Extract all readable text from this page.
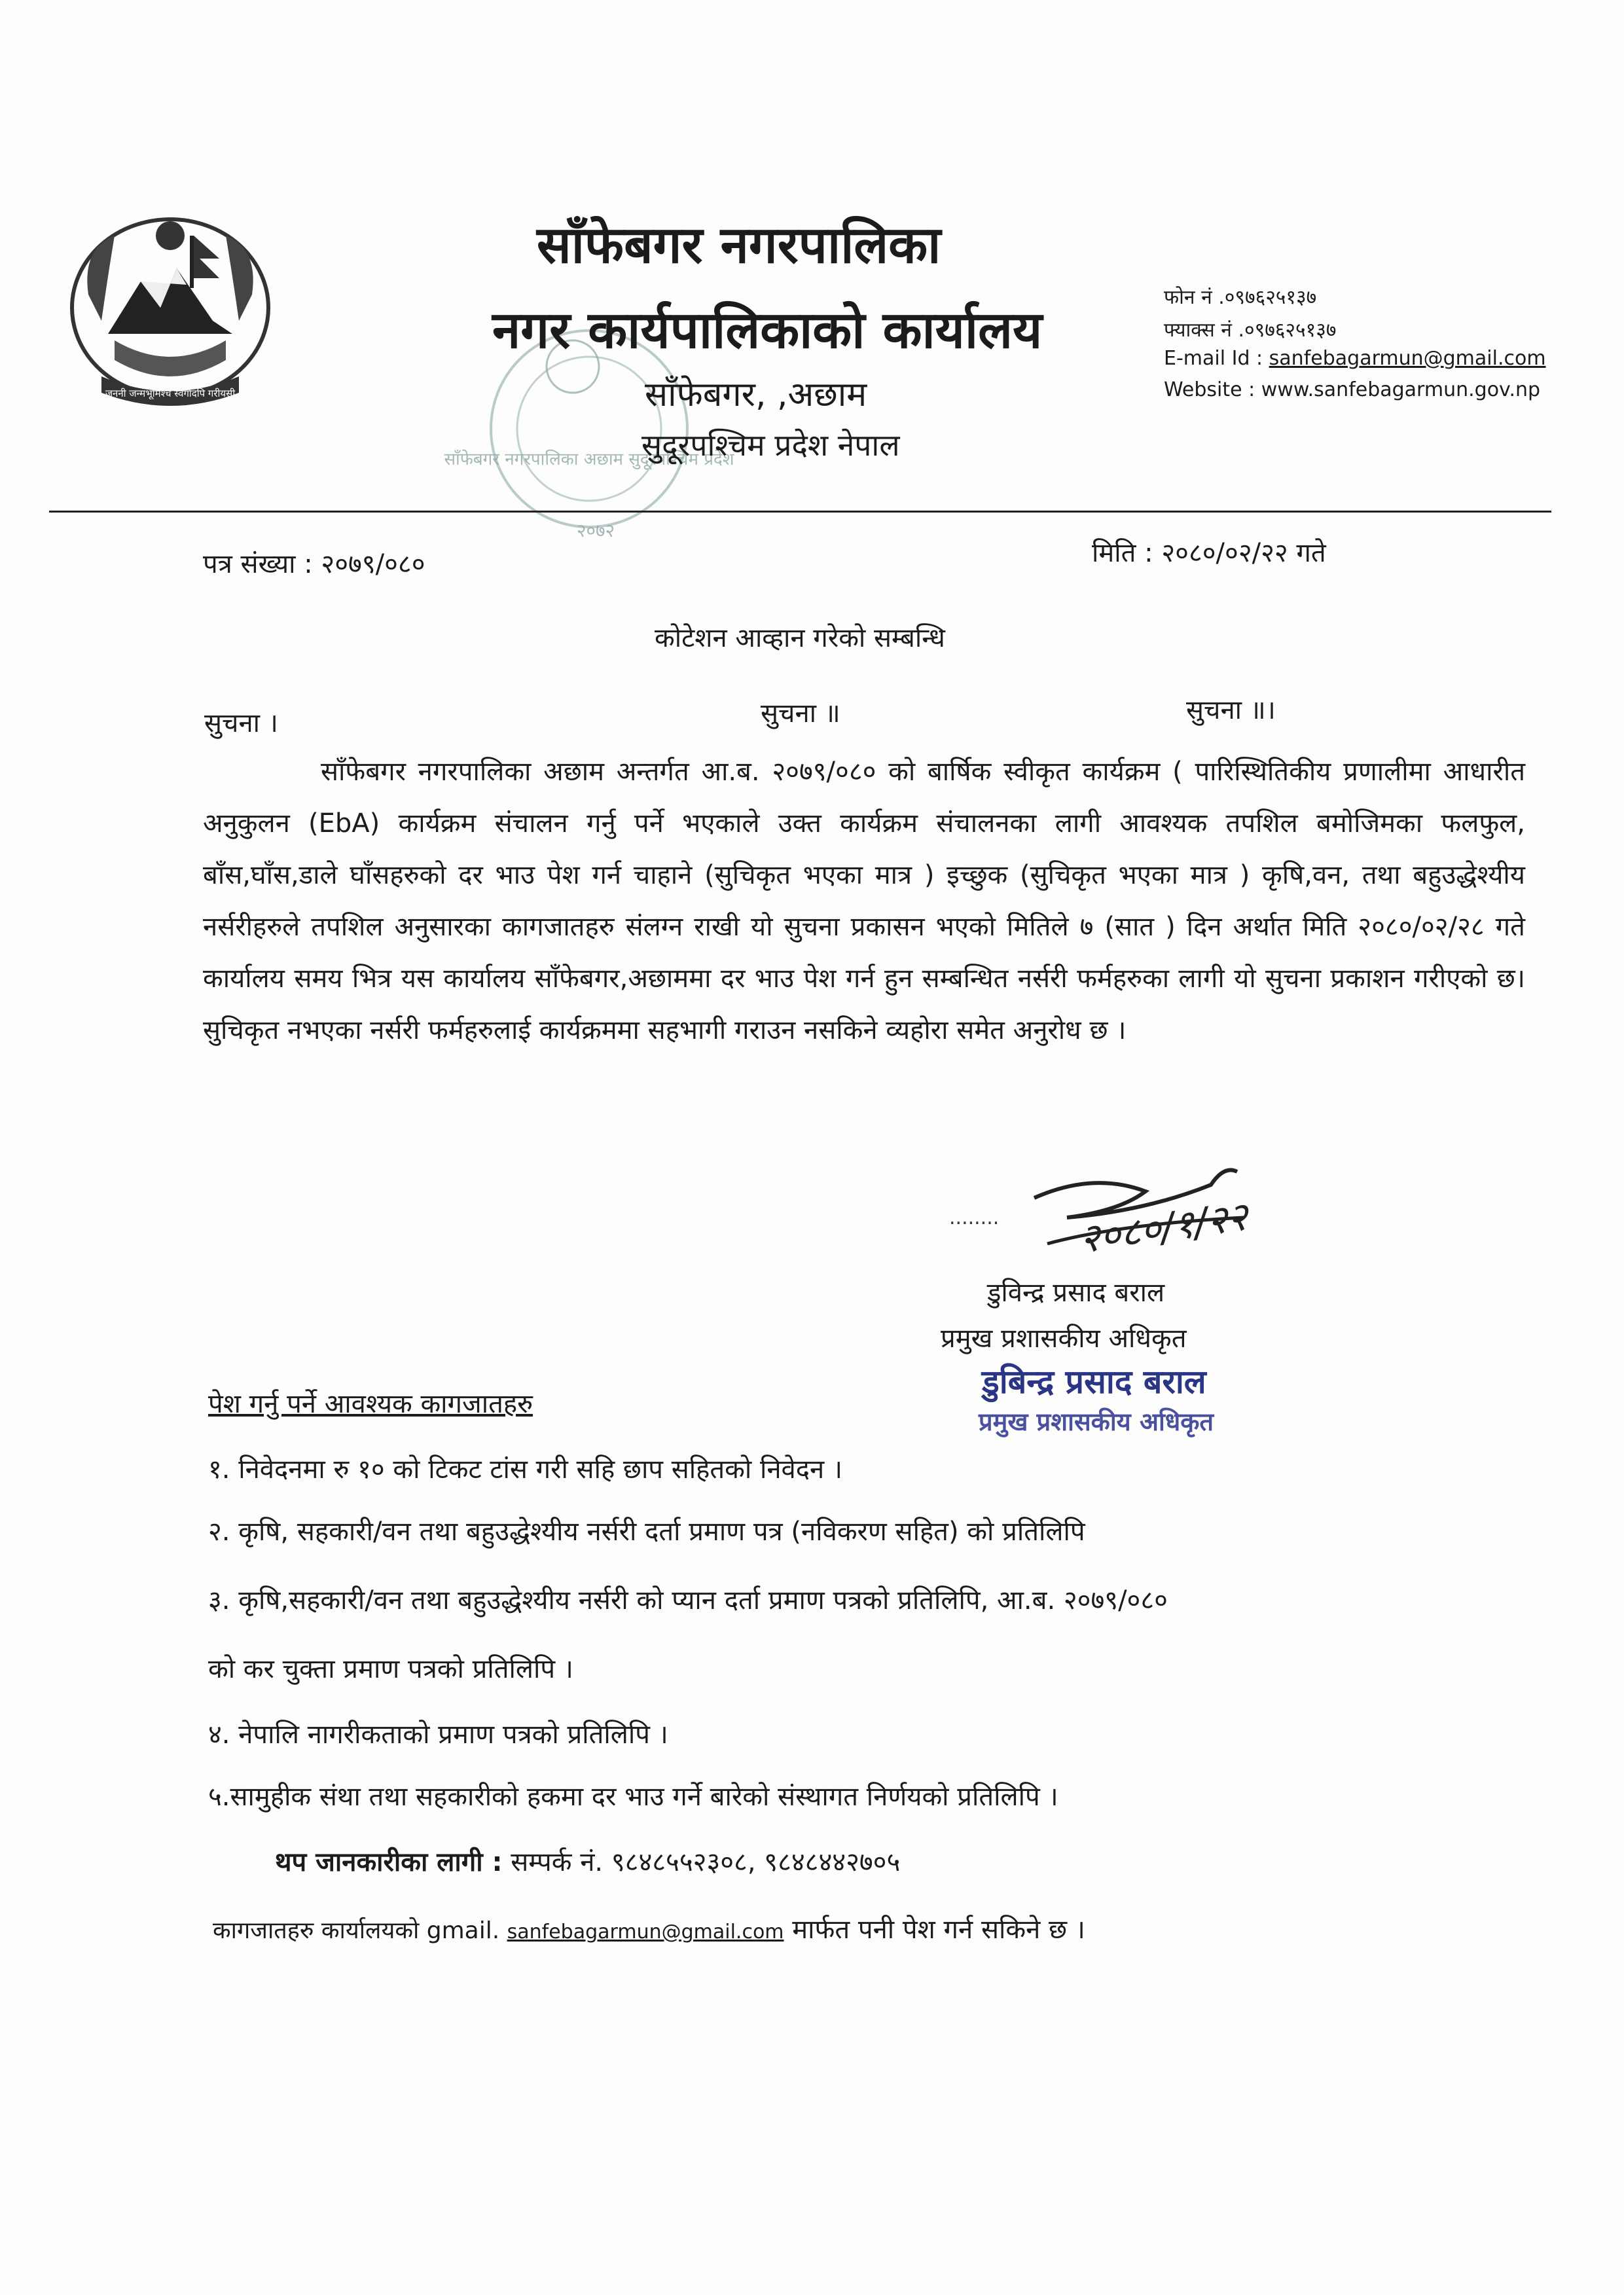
जननी जन्मभूमिश्च स्वर्गादपि गरीयसी
साँफेबगर नगरपालिका अछाम सुदूरपश्चिम प्रदेश
२०७२
साँफेबगर नगरपालिका
नगर कार्यपालिकाको कार्यालय
साँफेबगर, ,अछाम
सुदूरपश्चिम प्रदेश नेपाल
फोन नं .०९७६२५१३७
फ्याक्स नं .०९७६२५१३७
E-mail Id : sanfebagarmun@gmail.com
Website : www.sanfebagarmun.gov.np
पत्र संख्या : २०७९/०८०	मिति : २०८०/०२/२२ गते
कोटेशन आव्हान गरेको सम्बन्धि
सुचना ।	सुचना ॥	सुचना ॥।
साँफेबगर नगरपालिका अछाम अन्तर्गत आ.ब. २०७९/०८० को बार्षिक स्वीकृत कार्यक्रम ( पारिस्थितिकीय प्रणालीमा आधारीत अनुकुलन (EbA) कार्यक्रम संचालन गर्नु पर्ने भएकाले उक्त कार्यक्रम संचालनका लागी आवश्यक तपशिल बमोजिमका फलफुल, बाँस,घाँस,डाले घाँसहरुको दर भाउ पेश गर्न चाहाने (सुचिकृत भएका मात्र ) इच्छुक (सुचिकृत भएका मात्र ) कृषि,वन, तथा बहुउद्धेश्यीय नर्सरीहरुले तपशिल अनुसारका कागजातहरु संलग्न राखी यो सुचना प्रकासन भएको मितिले ७ (सात ) दिन अर्थात मिति २०८०/०२/२८ गते कार्यालय समय भित्र यस कार्यालय साँफेबगर,अछाममा दर भाउ पेश गर्न हुन सम्बन्धित नर्सरी फर्महरुका लागी यो सुचना प्रकाशन गरीएको छ। सुचिकृत नभएका नर्सरी फर्महरुलाई कार्यक्रममा सहभागी गराउन नसकिने व्यहोरा समेत अनुरोध छ ।
........ २०८०/१/२२
डुविन्द्र प्रसाद बराल
प्रमुख प्रशासकीय अधिकृत
डुबिन्द्र प्रसाद बराल
प्रमुख प्रशासकीय अधिकृत
पेश गर्नु पर्ने आवश्यक कागजातहरु
१. निवेदनमा रु १० को टिकट टांस गरी सहि छाप सहितको निवेदन ।
२. कृषि, सहकारी/वन तथा बहुउद्धेश्यीय नर्सरी दर्ता प्रमाण पत्र (नविकरण सहित) को प्रतिलिपि
३. कृषि,सहकारी/वन तथा बहुउद्धेश्यीय नर्सरी को प्यान दर्ता प्रमाण पत्रको प्रतिलिपि, आ.ब. २०७९/०८०
को कर चुक्ता प्रमाण पत्रको प्रतिलिपि ।
४. नेपालि नागरीकताको प्रमाण पत्रको प्रतिलिपि ।
५.सामुहीक संथा तथा सहकारीको हकमा दर भाउ गर्ने बारेको संस्थागत निर्णयको प्रतिलिपि ।
थप जानकारीका लागी : सम्पर्क नं. ९८४८५५२३०८, ९८४८४४२७०५
कागजातहरु कार्यालयको gmail. sanfebagarmun@gmail.com मार्फत पनी पेश गर्न सकिने छ ।
